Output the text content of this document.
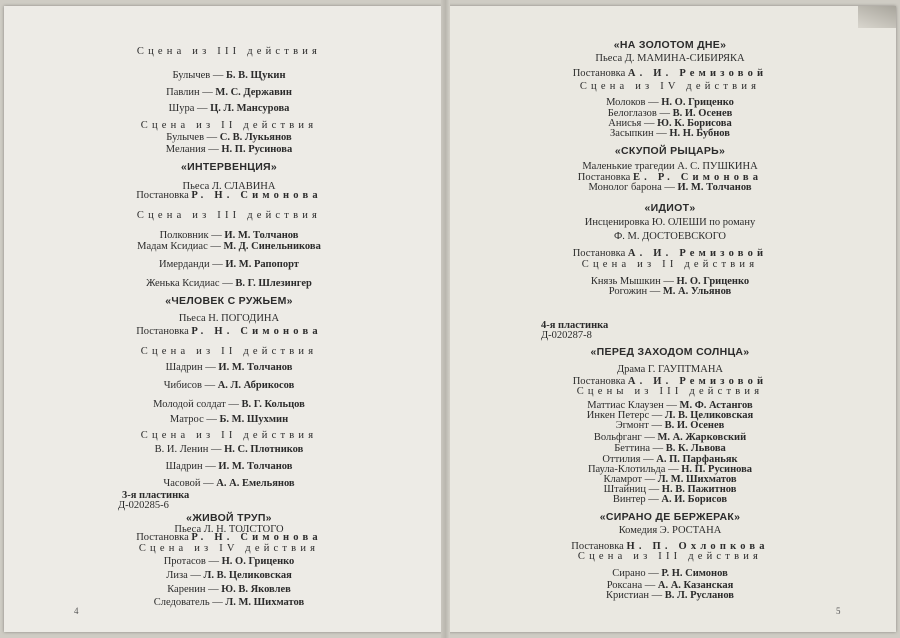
Сцена из III действия
Булычев — Б. В. Щукин
Павлин — М. С. Державин
Шура — Ц. Л. Мансурова
Сцена из II действия
Булычев — С. В. Лукьянов
Мелания — Н. П. Русинова
«ИНТЕРВЕНЦИЯ»
Пьеса Л. СЛАВИНА
Постановка Р. Н. Симонова
Сцена из III действия
Полковник — И. М. Толчанов
Мадам Ксидиас — М. Д. Синельникова
Имерданди — И. М. Рапопорт
Женька Ксидиас — В. Г. Шлезингер
«ЧЕЛОВЕК С РУЖЬЕМ»
Пьеса Н. ПОГОДИНА
Постановка Р. Н. Симонова
Сцена из II действия
Шадрин — И. М. Толчанов
Чибисов — А. Л. Абрикосов
Молодой солдат — В. Г. Кольцов
Матрос — Б. М. Шухмин
Сцена из II действия
В. И. Ленин — Н. С. Плотников
Шадрин — И. М. Толчанов
Часовой — А. А. Емельянов
3-я пластинка
Д-020285-6
«ЖИВОЙ ТРУП»
Пьеса Л. Н. ТОЛСТОГО
Постановка Р. Н. Симонова
Сцена из IV действия
Протасов — Н. О. Гриценко
Лиза — Л. В. Целиковская
Каренин — Ю. В. Яковлев
Следователь — Л. М. Шихматов
4
«НА ЗОЛОТОМ ДНЕ»
Пьеса Д. МАМИНА-СИБИРЯКА
Постановка А. И. Ремизовой
Сцена из IV действия
Молоков — Н. О. Гриценко
Белоглазов — В. И. Осенев
Анисья — Ю. К. Борисова
Засыпкин — Н. Н. Бубнов
«СКУПОЙ РЫЦАРЬ»
Маленькие трагедии А. С. ПУШКИНА
Постановка Е. Р. Симонова
Монолог барона — И. М. Толчанов
«ИДИОТ»
Инсценировка Ю. ОЛЕШИ по роману
Ф. М. ДОСТОЕВСКОГО
Постановка А. И. Ремизовой
Сцена из II действия
Князь Мышкин — Н. О. Гриценко
Рогожин — М. А. Ульянов
4-я пластинка
Д-020287-8
«ПЕРЕД ЗАХОДОМ СОЛНЦА»
Драма Г. ГАУПТМАНА
Постановка А. И. Ремизовой
Сцены из III действия
Маттиас Клаузен — М. Ф. Астангов
Инкен Петерс — Л. В. Целиковская
Эгмонт — В. И. Осенев
Вольфганг — М. А. Жарковский
Беттина — В. К. Львова
Оттилия — А. П. Парфаньяк
Паула-Клотильда — Н. П. Русинова
Кламрот — Л. М. Шихматов
Штайниц — Н. В. Пажитнов
Винтер — А. И. Борисов
«СИРАНО ДЕ БЕРЖЕРАК»
Комедия Э. РОСТАНА
Постановка Н. П. Охлопкова
Сцена из III действия
Сирано — Р. Н. Симонов
Роксана — А. А. Казанская
Кристиан — В. Л. Русланов
5
